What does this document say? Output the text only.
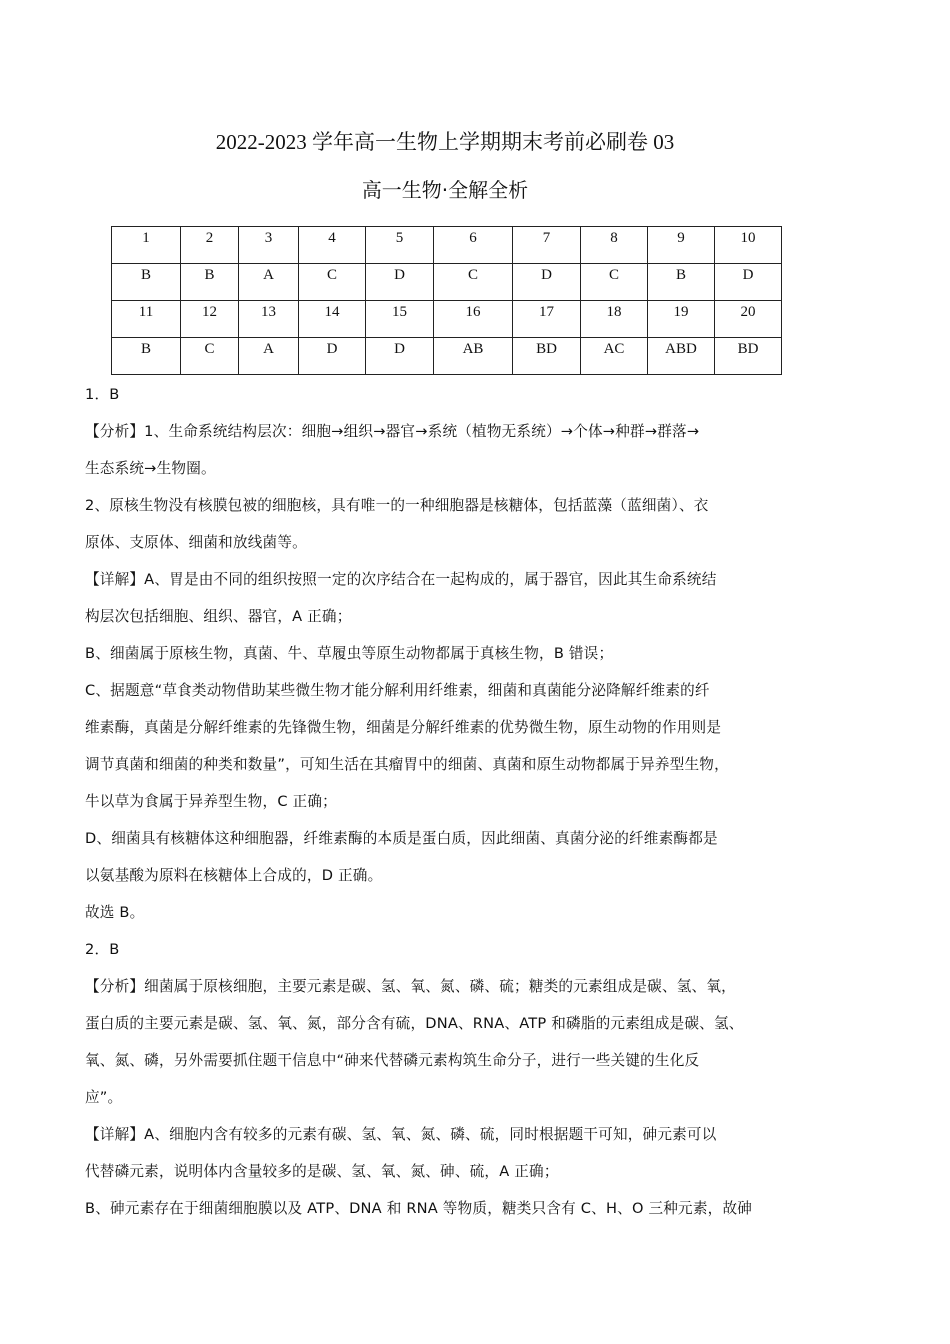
2022-2023 学年高一生物上学期期末考前必刷卷 03
高一生物·全解全析
1	2	3	4	5	6	7	8	9	10
B	B	A	C	D	C	D	C	B	D
11	12	13	14	15	16	17	18	19	20
B	C	A	D	D	AB	BD	AC	ABD	BD
1．B
【分析】1、生命系统结构层次：细胞→组织→器官→系统（植物无系统）→个体→种群→群落→
生态系统→生物圈。
2、原核生物没有核膜包被的细胞核，具有唯一的一种细胞器是核糖体，包括蓝藻（蓝细菌）、衣
原体、支原体、细菌和放线菌等。
【详解】A、胃是由不同的组织按照一定的次序结合在一起构成的，属于器官，因此其生命系统结
构层次包括细胞、组织、器官，A 正确；
B、细菌属于原核生物，真菌、牛、草履虫等原生动物都属于真核生物，B 错误；
C、据题意“草食类动物借助某些微生物才能分解利用纤维素，细菌和真菌能分泌降解纤维素的纤
维素酶，真菌是分解纤维素的先锋微生物，细菌是分解纤维素的优势微生物，原生动物的作用则是
调节真菌和细菌的种类和数量”，可知生活在其瘤胃中的细菌、真菌和原生动物都属于异养型生物，
牛以草为食属于异养型生物，C 正确；
D、细菌具有核糖体这种细胞器，纤维素酶的本质是蛋白质，因此细菌、真菌分泌的纤维素酶都是
以氨基酸为原料在核糖体上合成的，D 正确。
故选 B。
2．B
【分析】细菌属于原核细胞，主要元素是碳、氢、氧、氮、磷、硫；糖类的元素组成是碳、氢、氧，
蛋白质的主要元素是碳、氢、氧、氮，部分含有硫，DNA、RNA、ATP 和磷脂的元素组成是碳、氢、
氧、氮、磷，另外需要抓住题干信息中“砷来代替磷元素构筑生命分子，进行一些关键的生化反
应”。
【详解】A、细胞内含有较多的元素有碳、氢、氧、氮、磷、硫，同时根据题干可知，砷元素可以
代替磷元素，说明体内含量较多的是碳、氢、氧、氮、砷、硫，A 正确；
B、砷元素存在于细菌细胞膜以及 ATP、DNA 和 RNA 等物质，糖类只含有 C、H、O 三种元素，故砷
